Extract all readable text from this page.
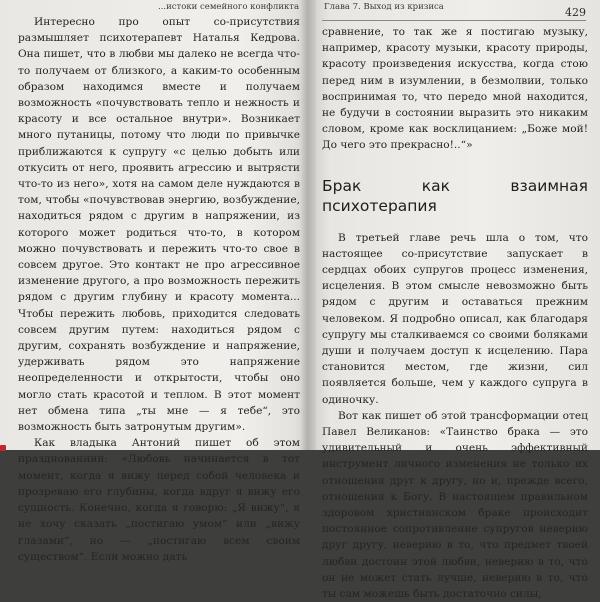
...истоки семейного конфликта

Интересно про опыт со-присутствия размышляет психотерапевт Наталья Кедрова. Она пишет, что в любви мы далеко не всегда что-то получаем от близкого, а каким-то особенным образом находимся вместе и получаем возможность «почувствовать тепло и нежность и красоту и все остальное внутри». Возникает много путаницы, потому что люди по привычке приближаются к супругу «с целью добыть или откусить от него, проявить агрессию и вытрясти что-то из него», хотя на самом деле нуждаются в том, чтобы «почувствовав энергию, возбуждение, находиться рядом с другим в напряжении, из которого может родиться что-то, в котором можно почувствовать и пережить что-то свое в совсем другое. Это контакт не про агрессивное изменение другого, а про возможность пережить рядом с другим глубину и красоту момента... Чтобы пережить любовь, приходится следовать совсем другим путем: находиться рядом с другим, сохранять возбуждение и напряжение, удерживать рядом это напряжение неопределенности и открытости, чтобы оно могло стать красотой и теплом. В этот момент нет обмена типа „ты мне — я тебе“, это возможность быть затронутым другим».

Как владыка Антоний пишет об этом празднованиии: «Любовь начинается в тот момент, когда я вижу перед собой человека и прозреваю его глубины, когда вдруг я вижу его сущность. Конечно, когда я говорю: „Я вижу“, я не хочу сказать „постигаю умом“ или „вижу глазами“, но — „постигаю всем своим существом“. Если можно дать

Глава 7. Выход из кризиса	429

сравнение, то так же я постигаю музыку, например, красоту музыки, красоту природы, красоту произведения искусства, когда стою перед ним в изумлении, в безмолвии, только воспринимая то, что передо мной находится, не будучи в состоянии выразить это никаким словом, кроме как восклицанием: „Боже мой! До чего это прекрасно!..“»

Брак как взаимная психотерапия

В третьей главе речь шла о том, что настоящее со-присутствие запускает в сердцах обоих супругов процесс изменения, исцеления. В этом смысле невозможно быть рядом с другим и оставаться прежним человеком. Я подробно описал, как благодаря супругу мы сталкиваемся со своими боляками души и получаем доступ к исцелению. Пара становится местом, где жизни, сил появляется больше, чем у каждого супруга в одиночку.

Вот как пишет об этой трансформации отец Павел Великанов: «Таинство брака — это удивительный и очень эффективный инструмент личного изменения не только их отношения друг к другу, но и, прежде всего, отношения к Богу. В настоящем правильном здоровом христианском браке происходит постоянное сопротивление супругов неверию друг другу, неверию в то, что предмет твоей любви достоин этой любви, неверию в то, что он не может стать лучше, неверию в то, что ты сам можешь быть достаточно силы,
